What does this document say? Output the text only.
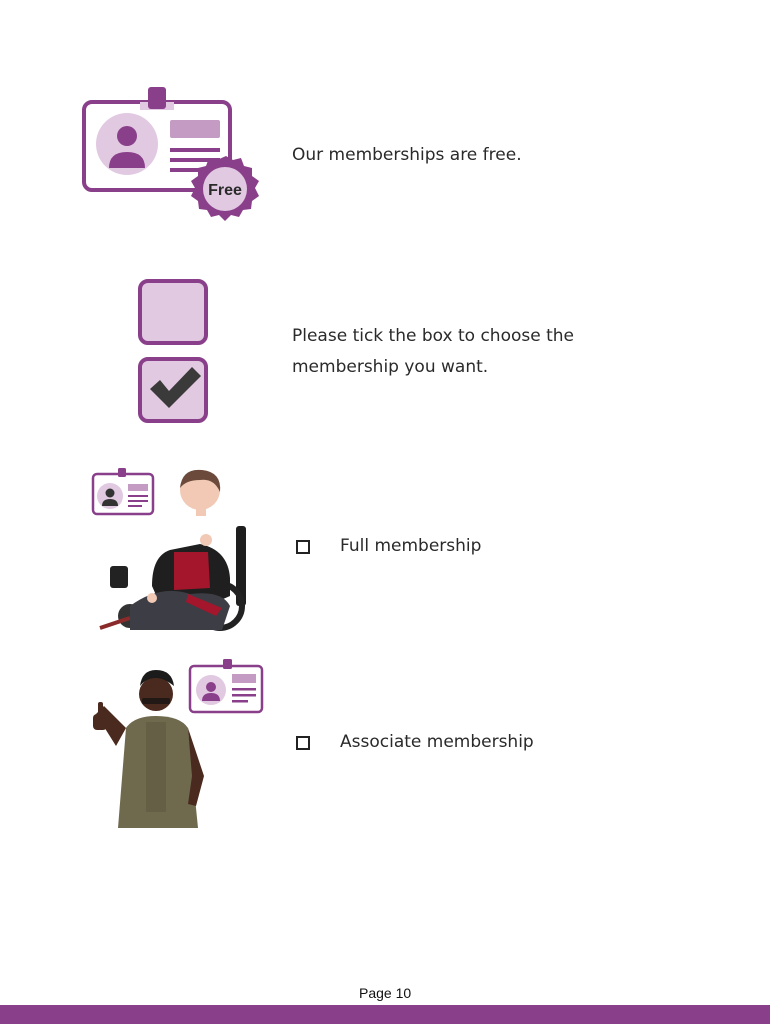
Free
Our memberships are free.
Please tick the box to choose the
membership you want.
Full membership
Associate membership
Page 10
